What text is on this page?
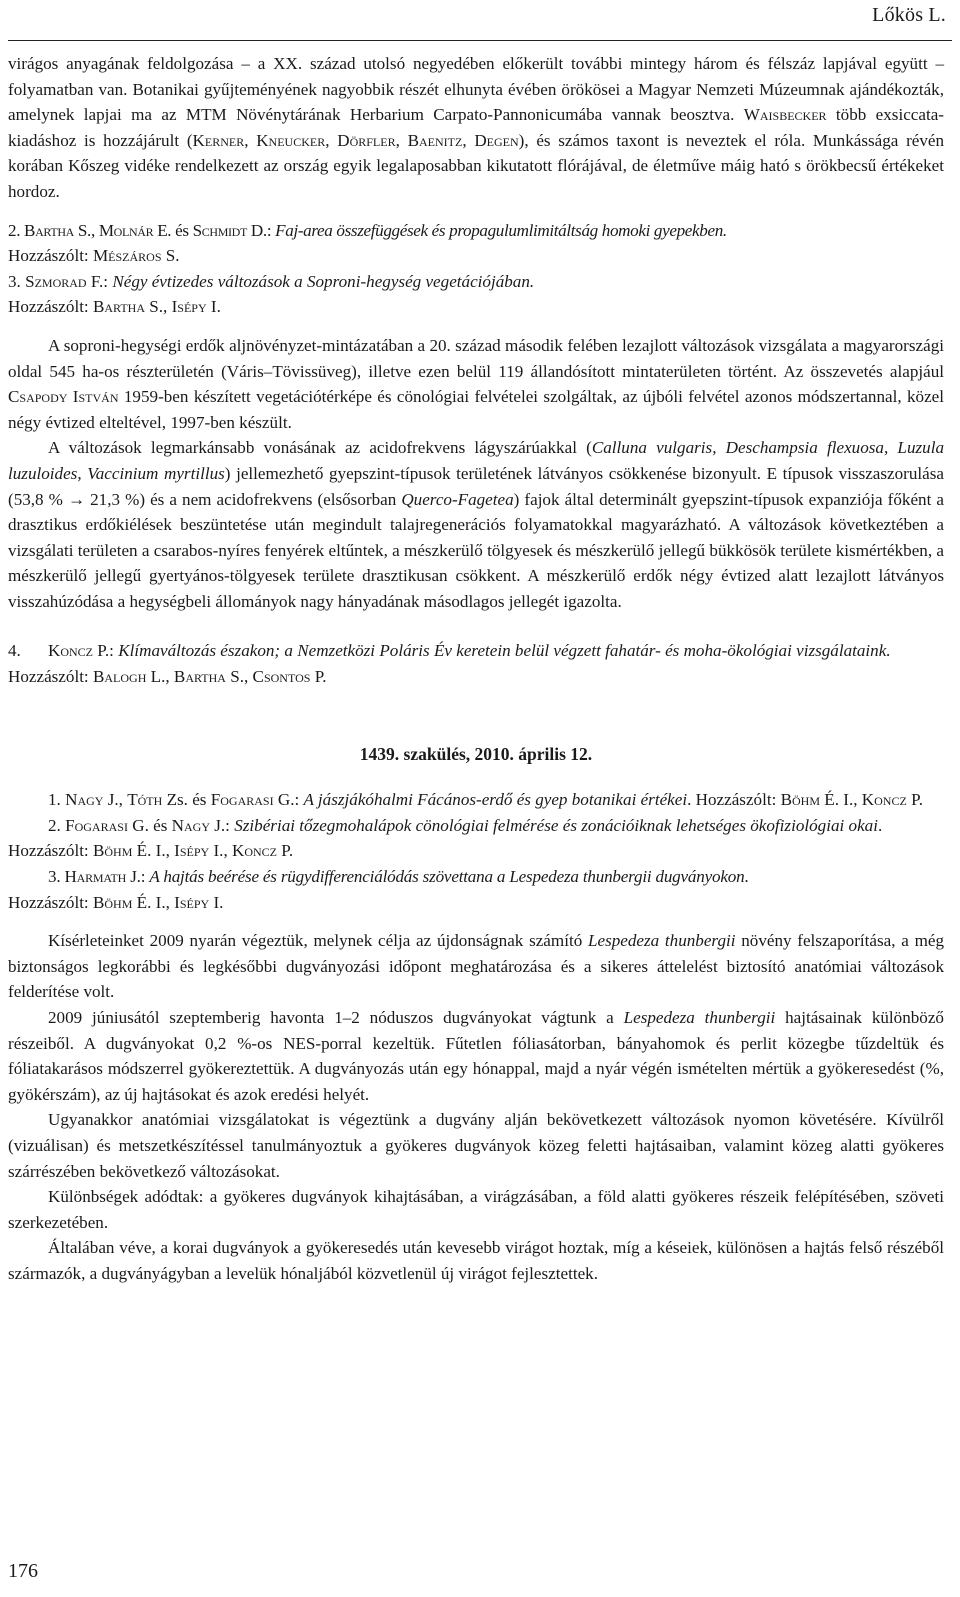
Lőkös L.

virágos anyagának feldolgozása – a XX. század utolsó negyedében előkerült további mintegy három és félszáz lapjával együtt – folyamatban van. Botanikai gyűjteményének nagyobbik részét elhunyta évében örökösei a Magyar Nemzeti Múzeumnak ajándékozták, amelynek lapjai ma az MTM Növénytárának Herbarium Carpato-Pannonicumába vannak beosztva. Waisbecker több exsiccata-kiadáshoz is hozzájárult (Kerner, Kneucker, Dörfler, Baenitz, Degen), és számos taxont is neveztek el róla. Munkássága révén korában Kőszeg vidéke rendelkezett az ország egyik legalaposabban kikutatott flórájával, de életműve máig ható s örökbecsű értékeket hordoz.

2. Bartha S., Molnár E. és Schmidt D.: Faj-area összefüggések és propagulumlimitáltság homoki gyepekben.

Hozzászólt: Mészáros S.

3. Szmorad F.: Négy évtizedes változások a Soproni-hegység vegetációjában.

Hozzászólt: Bartha S., Isépy I.

A soproni-hegységi erdők aljnövényzet-mintázatában a 20. század második felében lezajlott változások vizsgálata a magyarországi oldal 545 ha-os részterületén (Váris–Tövissüveg), illetve ezen belül 119 állandósított mintaterületen történt. Az összevetés alapjául Csapody István 1959-ben készített vegetációtérképe és cönológiai felvételei szolgáltak, az újbóli felvétel azonos módszertannal, közel négy évtized elteltével, 1997-ben készült.

A változások legmarkánsabb vonásának az acidofrekvens lágyszárúakkal (Calluna vulgaris, Deschampsia flexuosa, Luzula luzuloides, Vaccinium myrtillus) jellemezhető gyepszint-típusok területének látványos csökkenése bizonyult. E típusok visszaszorulása (53,8 % → 21,3 %) és a nem acidofrekvens (elsősorban Querco-Fagetea) fajok által determinált gyepszint-típusok expanziója főként a drasztikus erdőkiélések beszüntetése után megindult talajregenerációs folyamatokkal magyarázható. A változások következtében a vizsgálati területen a csarabos-nyíres fenyérek eltűntek, a mészkerülő tölgyesek és mészkerülő jellegű bükkösök területe kismértékben, a mészkerülő jellegű gyertyános-tölgyesek területe drasztikusan csökkent. A mészkerülő erdők négy évtized alatt lezajlott látványos visszahúzódása a hegységbeli állományok nagy hányadának másodlagos jellegét igazolta.

4.Koncz P.: Klímaváltozás északon; a Nemzetközi Poláris Év keretein belül végzett fahatár- és moha-ökológiai vizsgálataink.

Hozzászólt: Balogh L., Bartha S., Csontos P.

1439. szakülés, 2010. április 12.

1. Nagy J., Tóth Zs. és Fogarasi G.: A jászjákóhalmi Fácános-erdő és gyep botanikai értékei. Hozzászólt: Böhm É. I., Koncz P.

2. Fogarasi G. és Nagy J.: Szibériai tőzegmohalápok cönológiai felmérése és zonációiknak lehetséges ökofiziológiai okai.

Hozzászólt: Böhm É. I., Isépy I., Koncz P.

3. Harmath J.: A hajtás beérése és rügydifferenciálódás szövettana a Lespedeza thunbergii dugványokon.

Hozzászólt: Böhm É. I., Isépy I.

Kísérleteinket 2009 nyarán végeztük, melynek célja az újdonságnak számító Lespedeza thunbergii növény felszaporítása, a még biztonságos legkorábbi és legkésőbbi dugványozási időpont meghatározása és a sikeres áttelelést biztosító anatómiai változások felderítése volt.

2009 júniusától szeptemberig havonta 1–2 nóduszos dugványokat vágtunk a Lespedeza thunbergii hajtásainak különböző részeiből. A dugványokat 0,2 %-os NES-porral kezeltük. Fűtetlen fóliasátorban, bányahomok és perlit közegbe tűzdeltük és fóliatakarásos módszerrel gyökereztettük. A dugványozás után egy hónappal, majd a nyár végén ismételten mértük a gyökeresedést (%, gyökérszám), az új hajtásokat és azok eredési helyét.

Ugyanakkor anatómiai vizsgálatokat is végeztünk a dugvány alján bekövetkezett változások nyomon követésére. Kívülről (vizuálisan) és metszetkészítéssel tanulmányoztuk a gyökeres dugványok közeg feletti hajtásaiban, valamint közeg alatti gyökeres szárrészében bekövetkező változásokat.

Különbségek adódtak: a gyökeres dugványok kihajtásában, a virágzásában, a föld alatti gyökeres részeik felépítésében, szöveti szerkezetében.

Általában véve, a korai dugványok a gyökeresedés után kevesebb virágot hoztak, míg a késeiek, különösen a hajtás felső részéből származók, a dugványágyban a levelük hónaljából közvetlenül új virágot fejlesztettek.

176
